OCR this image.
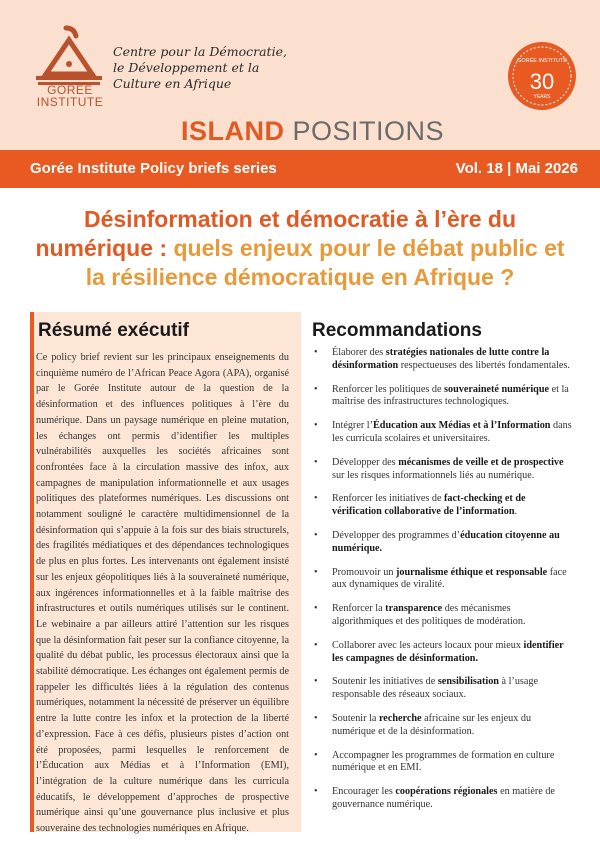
GORÉE
INSTITUTE
Centre pour la Démocratie,
le Développement et la
Culture en Afrique
GORÉE INSTITUTE
30
YEARS
ISLAND POSITIONS
Gorée Institute Policy briefs series	Vol. 18 | Mai 2026
Désinformation et démocratie à l’ère du numérique : quels enjeux pour le débat public et la résilience démocratique en Afrique ?
Résumé exécutif
Ce policy brief revient sur les principaux enseignements du cinquième numéro de l’African Peace Agora (APA), organisé par le Gorée Institute autour de la question de la désinformation et des influences politiques à l’ère du numérique. Dans un paysage numérique en pleine mutation, les échanges ont permis d’identifier les multiples vulnérabilités auxquelles les sociétés africaines sont confrontées face à la circulation massive des infox, aux campagnes de manipulation informationnelle et aux usages politiques des plateformes numériques. Les discussions ont notamment souligné le caractère multidimensionnel de la désinformation qui s’appuie à la fois sur des biais structurels, des fragilités médiatiques et des dépendances technologiques de plus en plus fortes. Les intervenants ont également insisté sur les enjeux géopolitiques liés à la souveraineté numérique, aux ingérences informationnelles et à la faible maîtrise des infrastructures et outils numériques utilisés sur le continent. Le webinaire a par ailleurs attiré l’attention sur les risques que la désinformation fait peser sur la confiance citoyenne, la qualité du débat public, les processus électoraux ainsi que la stabilité démocratique. Les échanges ont également permis de rappeler les difficultés liées à la régulation des contenus numériques, notamment la nécessité de préserver un équilibre entre la lutte contre les infox et la protection de la liberté d’expression. Face à ces défis, plusieurs pistes d’action ont été proposées, parmi lesquelles le renforcement de l’Éducation aux Médias et à l’Information (EMI), l’intégration de la culture numérique dans les curricula éducatifs, le développement d’approches de prospective numérique ainsi qu’une gouvernance plus inclusive et plus souveraine des technologies numériques en Afrique.
Recommandations
• Élaborer des stratégies nationales de lutte contre la désinformation respectueuses des libertés fondamentales.
• Renforcer les politiques de souveraineté numérique et la maîtrise des infrastructures technologiques.
• Intégrer l’Éducation aux Médias et à l’Information dans les curricula scolaires et universitaires.
• Développer des mécanismes de veille et de prospective sur les risques informationnels liés au numérique.
• Renforcer les initiatives de fact-checking et de vérification collaborative de l’information.
• Développer des programmes d’éducation citoyenne au numérique.
• Promouvoir un journalisme éthique et responsable face aux dynamiques de viralité.
• Renforcer la transparence des mécanismes algorithmiques et des politiques de modération.
• Collaborer avec les acteurs locaux pour mieux identifier les campagnes de désinformation.
• Soutenir les initiatives de sensibilisation à l’usage responsable des réseaux sociaux.
• Soutenir la recherche africaine sur les enjeux du numérique et de la désinformation.
• Accompagner les programmes de formation en culture numérique et en EMI.
• Encourager les coopérations régionales en matière de gouvernance numérique.
